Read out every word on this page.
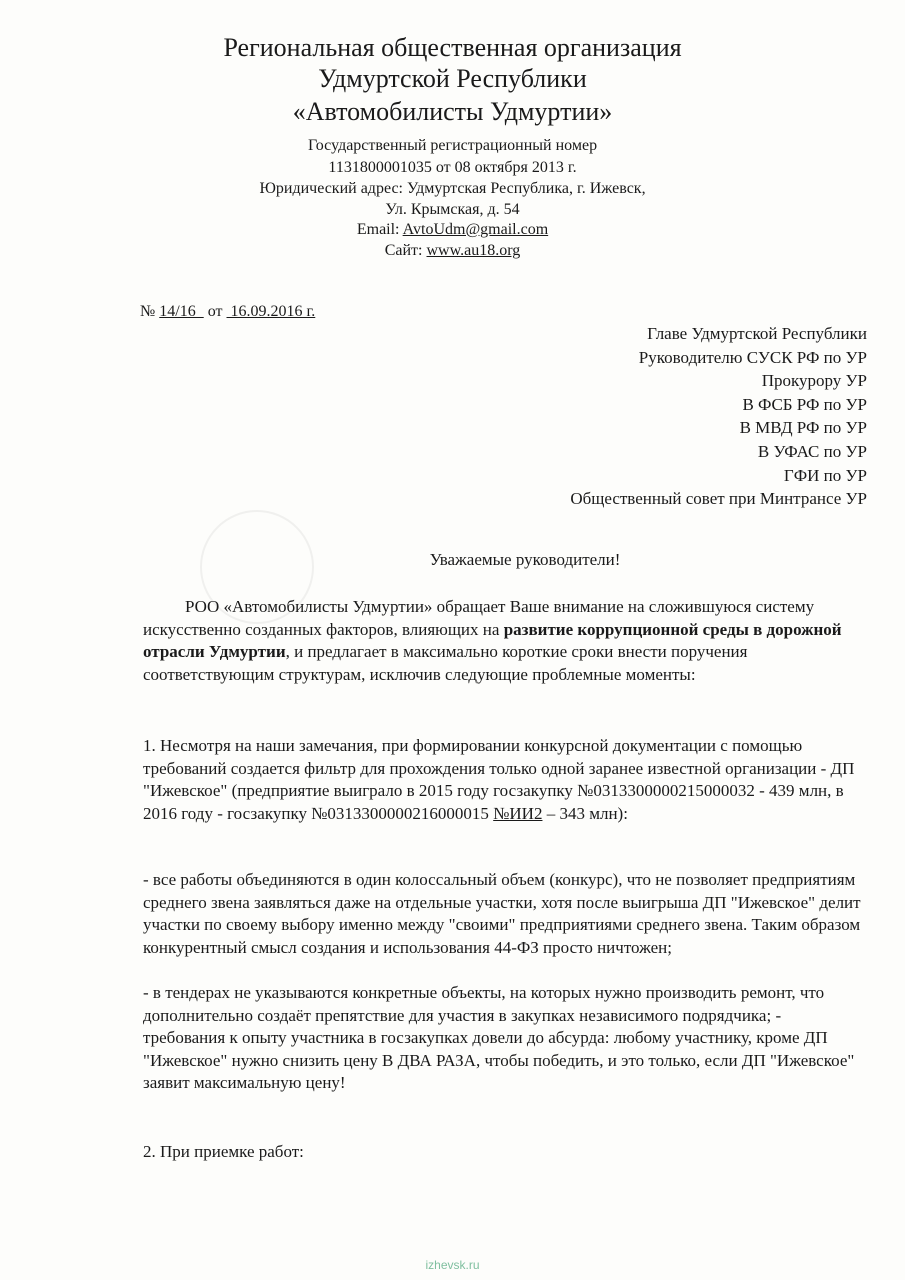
Региональная общественная организация
Удмуртской Республики
«Автомобилисты Удмуртии»
Государственный регистрационный номер
1131800001035 от 08 октября 2013 г.
Юридический адрес: Удмуртская Республика, г. Ижевск,
Ул. Крымская, д. 54
Email: AvtoUdm@gmail.com
Сайт: www.au18.org
№ 14/16   от  16.09.2016 г.
Главе Удмуртской Республики
Руководителю СУСК РФ по УР
Прокурору УР
В ФСБ РФ по УР
В МВД РФ по УР
В УФАС по УР
ГФИ по УР
Общественный совет при Минтрансе УР
Уважаемые руководители!

РОО «Автомобилисты Удмуртии» обращает Ваше внимание на сложившуюся систему искусственно созданных факторов, влияющих на развитие коррупционной среды в дорожной отрасли Удмуртии, и предлагает в максимально короткие сроки внести поручения соответствующим структурам, исключив следующие проблемные моменты:

1. Несмотря на наши замечания, при формировании конкурсной документации с помощью требований создается фильтр для прохождения только одной заранее известной организации - ДП "Ижевское" (предприятие выиграло в 2015 году госзакупку №0313300000215000032 - 439 млн, в 2016 году - госзакупку №0313300000216000015 №ИИ2 – 343 млн):

- все работы объединяются в один колоссальный объем (конкурс), что не позволяет предприятиям среднего звена заявляться даже на отдельные участки, хотя после выигрыша ДП "Ижевское" делит участки по своему выбору именно между "своими" предприятиями среднего звена. Таким образом конкурентный смысл создания и использования 44-ФЗ просто ничтожен;

- в тендерах не указываются конкретные объекты, на которых нужно производить ремонт, что дополнительно создаёт препятствие для участия в закупках независимого подрядчика; - требования к опыту участника в госзакупках довели до абсурда: любому участнику, кроме ДП "Ижевское" нужно снизить цену В ДВА РАЗА, чтобы победить, и это только, если ДП "Ижевское" заявит максимальную цену!

2. При приемке работ:

izhevsk.ru
